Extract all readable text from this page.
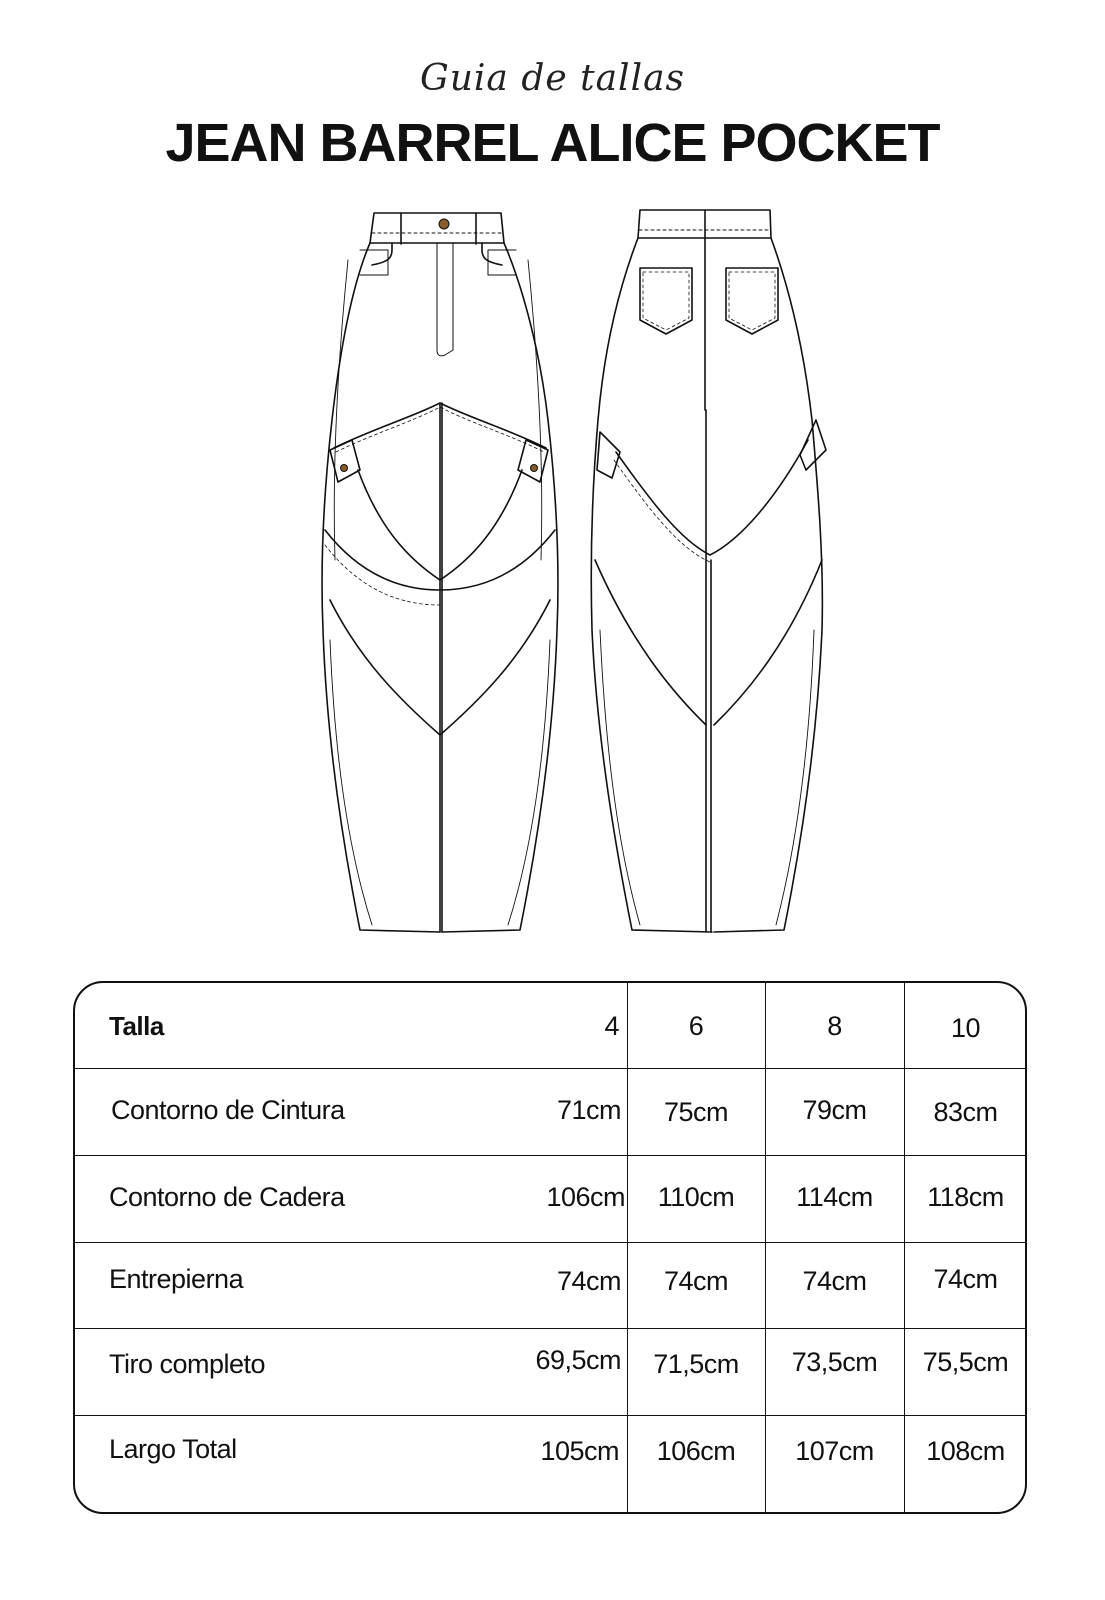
Guia de tallas
JEAN BARREL ALICE POCKET
Talla	4	6	8	10
Contorno de Cintura	71cm	75cm	79cm	83cm
Contorno de Cadera	106cm	110cm	114cm	118cm
Entrepierna	74cm	74cm	74cm	74cm
Tiro completo	69,5cm	71,5cm	73,5cm	75,5cm
Largo Total	105cm	106cm	107cm	108cm
